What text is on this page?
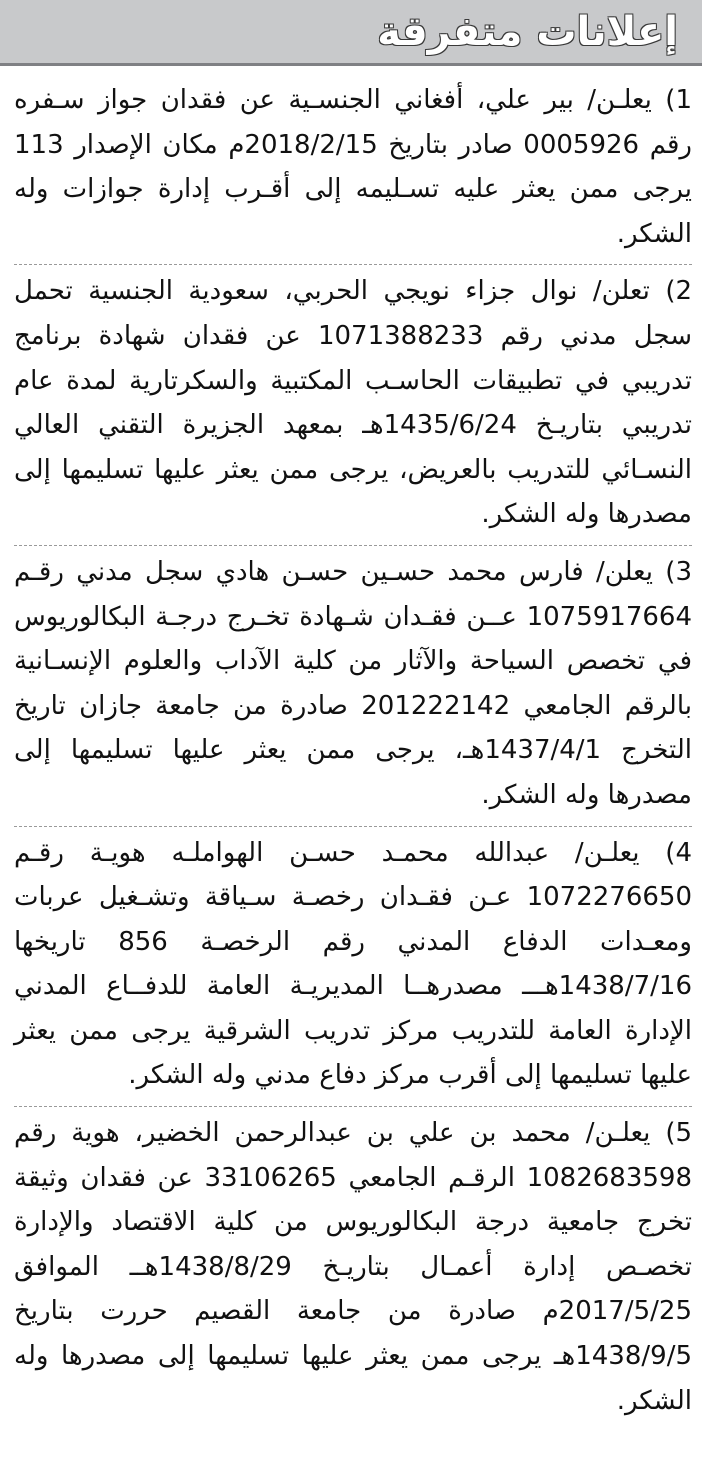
إعلانات متفرقة

1) يعلـن/ بير علي، أفغاني الجنسـية عن فقدان جواز سـفره رقم 0005926 صادر بتاريخ 2018/2/15م مكان الإصدار 113 يرجى ممن يعثر عليه تسـليمه إلى أقـرب إدارة جوازات وله الشكر.

2) تعلن/ نوال جزاء نويجي الحربي، سعودية الجنسية تحمل سجل مدني رقم 1071388233 عن فقدان شهادة برنامج تدريبي في تطبيقات الحاسـب المكتبية والسكرتارية لمدة عام تدريبي بتاريـخ 1435/6/24هـ بمعهد الجزيرة التقني العالي النسـائي للتدريب بالعريض، يرجى ممن يعثر عليها تسليمها إلى مصدرها وله الشكر.

3) يعلن/ فارس محمد حسـين حسـن هادي سجل مدني رقـم 1075917664 عــن فقـدان شـهادة تخـرج درجـة البكالوريوس في تخصص السياحة والآثار من كلية الآداب والعلوم الإنسـانية بالرقم الجامعي 201222142 صادرة من جامعة جازان تاريخ التخرج 1437/4/1هـ، يرجى ممن يعثر عليها تسليمها إلى مصدرها وله الشكر.

4) يعلـن/ عبدالله محمـد حسـن الهواملـه هويـة رقـم 1072276650 عـن فقـدان رخصـة سـياقة وتشـغيل عربات ومعـدات الدفاع المدني رقم الرخصـة 856 تاريخها 1438/7/16هـــ مصدرهــا المديريـة العامة للدفــاع المدني الإدارة العامة للتدريب مركز تدريب الشرقية يرجى ممن يعثر عليها تسليمها إلى أقرب مركز دفاع مدني وله الشكر.

5) يعلـن/ محمد بن علي بن عبدالرحمن الخضير، هوية رقم 1082683598 الرقـم الجامعي 33106265 عن فقدان وثيقة تخرج جامعية درجة البكالوريوس من كلية الاقتصاد والإدارة تخصـص إدارة أعمـال بتاريـخ 1438/8/29هــ الموافق 2017/5/25م صادرة من جامعة القصيم حررت بتاريخ 1438/9/5هـ يرجى ممن يعثر عليها تسليمها إلى مصدرها وله الشكر.
